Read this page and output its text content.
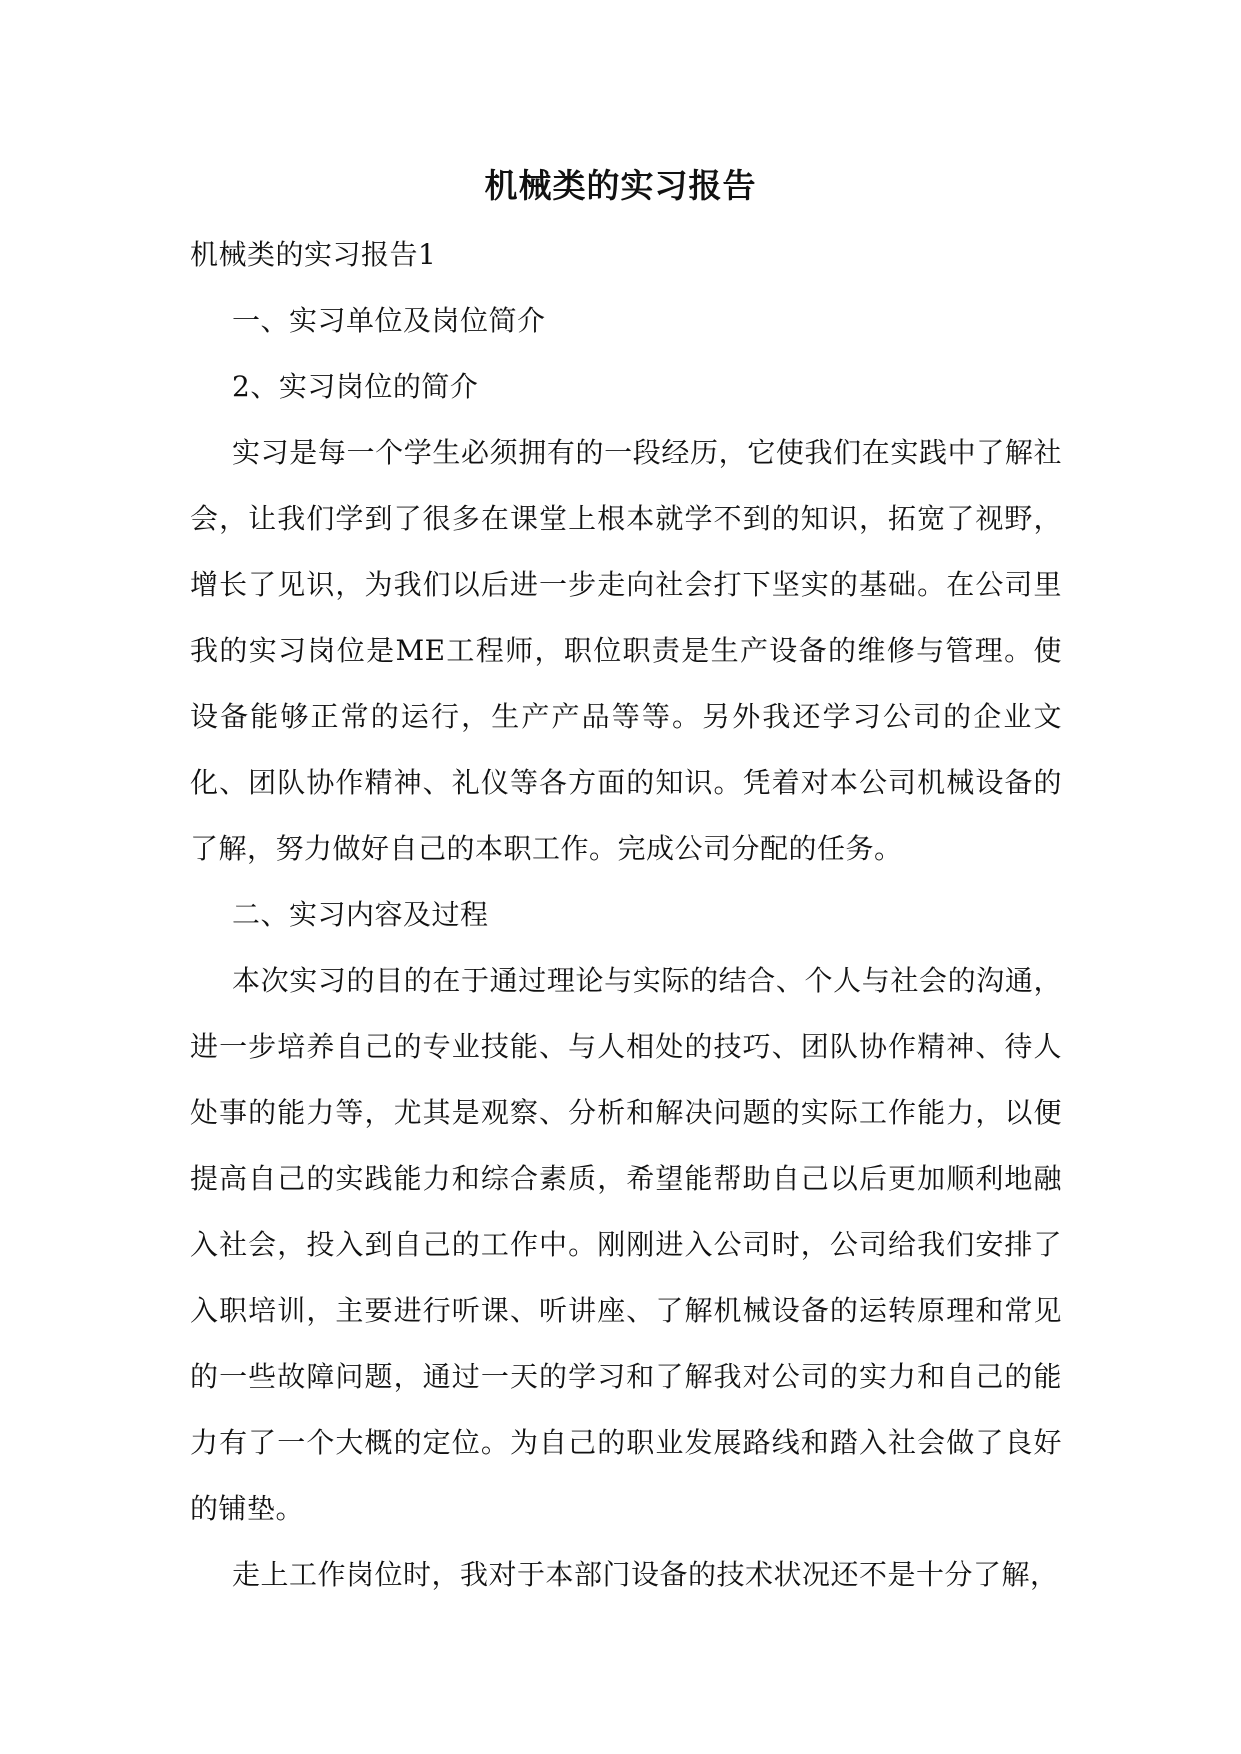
机械类的实习报告

机械类的实习报告1

一、实习单位及岗位简介

2、实习岗位的简介

实习是每一个学生必须拥有的一段经历，它使我们在实践中了解社会，让我们学到了很多在课堂上根本就学不到的知识，拓宽了视野，增长了见识，为我们以后进一步走向社会打下坚实的基础。在公司里我的实习岗位是ME工程师，职位职责是生产设备的维修与管理。使设备能够正常的运行，生产产品等等。另外我还学习公司的企业文化、团队协作精神、礼仪等各方面的知识。凭着对本公司机械设备的了解，努力做好自己的本职工作。完成公司分配的任务。

二、实习内容及过程

本次实习的目的在于通过理论与实际的结合、个人与社会的沟通，进一步培养自己的专业技能、与人相处的技巧、团队协作精神、待人处事的能力等，尤其是观察、分析和解决问题的实际工作能力，以便提高自己的实践能力和综合素质，希望能帮助自己以后更加顺利地融入社会，投入到自己的工作中。刚刚进入公司时，公司给我们安排了入职培训，主要进行听课、听讲座、了解机械设备的运转原理和常见的一些故障问题，通过一天的学习和了解我对公司的实力和自己的能力有了一个大概的定位。为自己的职业发展路线和踏入社会做了良好的铺垫。

走上工作岗位时，我对于本部门设备的技术状况还不是十分了解，
